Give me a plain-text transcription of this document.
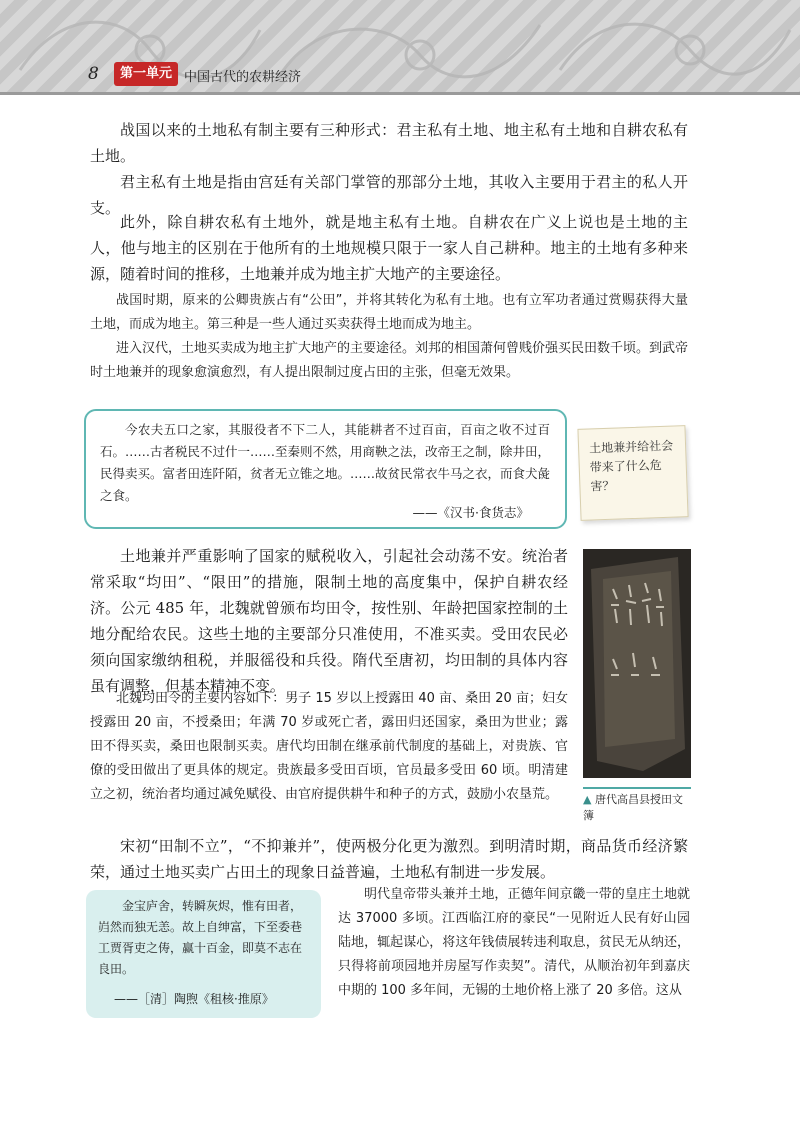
8	第一单元 中国古代的农耕经济

战国以来的土地私有制主要有三种形式：君主私有土地、地主私有土地和自耕农私有土地。

君主私有土地是指由宫廷有关部门掌管的那部分土地，其收入主要用于君主的私人开支。

此外，除自耕农私有土地外，就是地主私有土地。自耕农在广义上说也是土地的主人，他与地主的区别在于他所有的土地规模只限于一家人自己耕种。地主的土地有多种来源，随着时间的推移，土地兼并成为地主扩大地产的主要途径。

战国时期，原来的公卿贵族占有“公田”，并将其转化为私有土地。也有立军功者通过赏赐获得大量土地，而成为地主。第三种是一些人通过买卖获得土地而成为地主。

进入汉代，土地买卖成为地主扩大地产的主要途径。刘邦的相国萧何曾贱价强买民田数千顷。到武帝时土地兼并的现象愈演愈烈，有人提出限制过度占田的主张，但毫无效果。

今农夫五口之家，其服役者不下二人，其能耕者不过百亩，百亩之收不过百石。……古者税民不过什一……至秦则不然，用商鞅之法，改帝王之制，除井田，民得卖买。富者田连阡陌，贫者无立锥之地。……故贫民常衣牛马之衣，而食犬彘之食。

——《汉书·食货志》

土地兼并给社会带来了什么危害？

土地兼并严重影响了国家的赋税收入，引起社会动荡不安。统治者常采取“均田”、“限田”的措施，限制土地的高度集中，保护自耕农经济。公元 485 年，北魏就曾颁布均田令，按性别、年龄把国家控制的土地分配给农民。这些土地的主要部分只准使用，不准买卖。受田农民必须向国家缴纳租税，并服徭役和兵役。隋代至唐初，均田制的具体内容虽有调整，但基本精神不变。

北魏均田令的主要内容如下：男子 15 岁以上授露田 40 亩、桑田 20 亩；妇女授露田 20 亩，不授桑田；年满 70 岁或死亡者，露田归还国家，桑田为世业；露田不得买卖，桑田也限制买卖。唐代均田制在继承前代制度的基础上，对贵族、官僚的受田做出了更具体的规定。贵族最多受田百顷，官员最多受田 60 顷。明清建立之初，统治者均通过减免赋役、由官府提供耕牛和种子的方式，鼓励小农垦荒。	▲ 唐代高昌县授田文簿

宋初“田制不立”，“不抑兼并”，使两极分化更为激烈。到明清时期，商品货币经济繁荣，通过土地买卖广占田土的现象日益普遍，土地私有制进一步发展。

金宝庐舍，转瞬灰烬，惟有田者，岿然而独无恙。故上自绅富，下至委巷工贾胥吏之俦，赢十百金，即莫不志在良田。

——［清］陶煦《租核·推原》

明代皇帝带头兼并土地，正德年间京畿一带的皇庄土地就达 37000 多顷。江西临江府的豪民“一见附近人民有好山园陆地，辄起谋心，将这年钱债展转违利取息，贫民无从纳还，只得将前项园地并房屋写作卖契”。清代，从顺治初年到嘉庆中期的 100 多年间，无锡的土地价格上涨了 20 多倍。这从
